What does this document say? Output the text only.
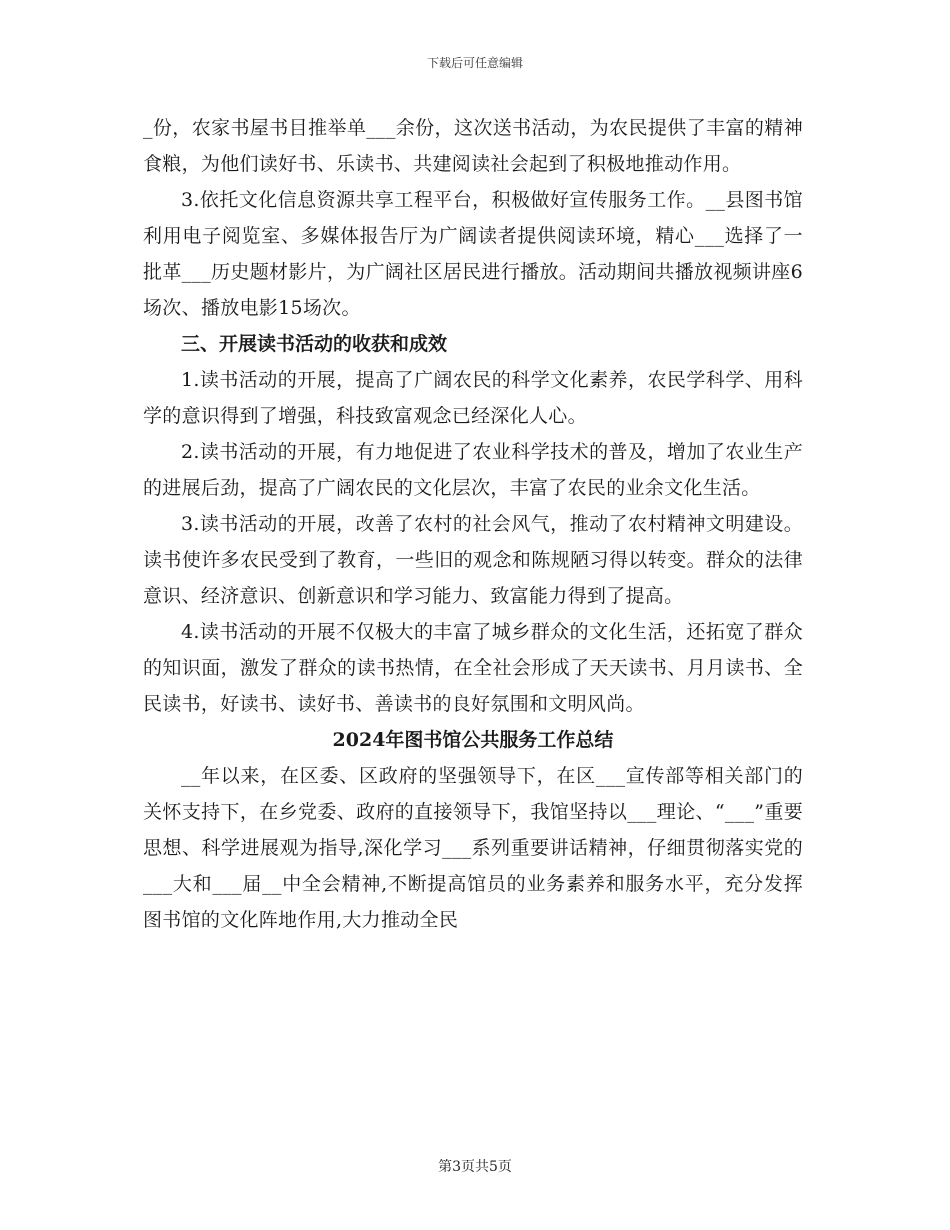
下载后可任意编辑

_份，农家书屋书目推举单___余份，这次送书活动，为农民提供了丰富的精神食粮，为他们读好书、乐读书、共建阅读社会起到了积极地推动作用。

3.依托文化信息资源共享工程平台，积极做好宣传服务工作。__县图书馆利用电子阅览室、多媒体报告厅为广阔读者提供阅读环境，精心___选择了一批革___历史题材影片，为广阔社区居民进行播放。活动期间共播放视频讲座6场次、播放电影15场次。

三、开展读书活动的收获和成效

1.读书活动的开展，提高了广阔农民的科学文化素养，农民学科学、用科学的意识得到了增强，科技致富观念已经深化人心。

2.读书活动的开展，有力地促进了农业科学技术的普及，增加了农业生产的进展后劲，提高了广阔农民的文化层次，丰富了农民的业余文化生活。

3.读书活动的开展，改善了农村的社会风气，推动了农村精神文明建设。读书使许多农民受到了教育，一些旧的观念和陈规陋习得以转变。群众的法律意识、经济意识、创新意识和学习能力、致富能力得到了提高。

4.读书活动的开展不仅极大的丰富了城乡群众的文化生活，还拓宽了群众的知识面，激发了群众的读书热情，在全社会形成了天天读书、月月读书、全民读书，好读书、读好书、善读书的良好氛围和文明风尚。

2024年图书馆公共服务工作总结

__年以来，在区委、区政府的坚强领导下，在区___宣传部等相关部门的关怀支持下，在乡党委、政府的直接领导下，我馆坚持以___理论、“___”重要思想、科学进展观为指导,深化学习___系列重要讲话精神，仔细贯彻落实党的___大和___届__中全会精神,不断提高馆员的业务素养和服务水平，充分发挥图书馆的文化阵地作用,大力推动全民

第3页共5页
